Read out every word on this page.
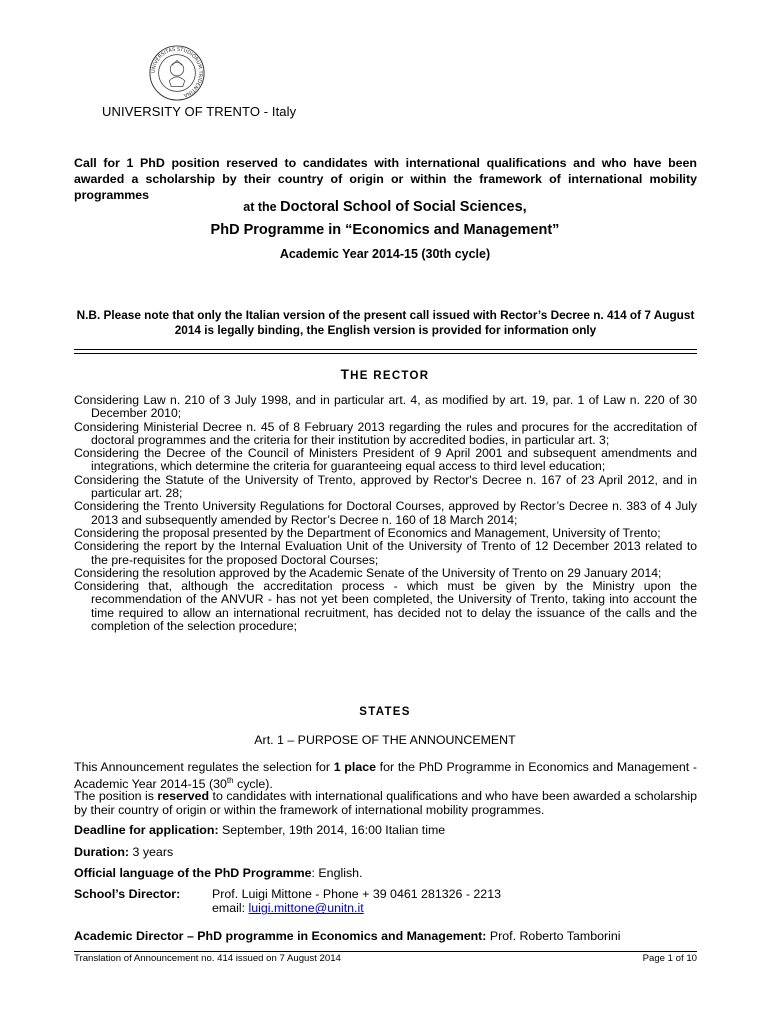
UNIVERSITAS STUDIORUM TRIDENTINA
UNIVERSITY OF TRENTO - Italy
Call for 1 PhD position reserved to candidates with international qualifications and who have been awarded a scholarship by their country of origin or within the framework of international mobility programmes
at the Doctoral School of Social Sciences,
PhD Programme in “Economics and Management”
Academic Year 2014-15 (30th cycle)
N.B. Please note that only the Italian version of the present call issued with Rector’s Decree n. 414 of 7 August 2014 is legally binding, the English version is provided for information only
THE RECTOR
Considering Law n. 210 of 3 July 1998, and in particular art. 4, as modified by art. 19, par. 1 of Law n. 220 of 30 December 2010;
Considering Ministerial Decree n. 45 of 8 February 2013 regarding the rules and procures for the accreditation of doctoral programmes and the criteria for their institution by accredited bodies, in particular art. 3;
Considering the Decree of the Council of Ministers President of 9 April 2001 and subsequent amendments and integrations, which determine the criteria for guaranteeing equal access to third level education;
Considering the Statute of the University of Trento, approved by Rector's Decree n. 167 of 23 April 2012, and in particular art. 28;
Considering the Trento University Regulations for Doctoral Courses, approved by Rector’s Decree n. 383 of 4 July 2013 and subsequently amended by Rector’s Decree n. 160 of 18 March 2014;
Considering the proposal presented by the Department of Economics and Management, University of Trento;
Considering the report by the Internal Evaluation Unit of the University of Trento of 12 December 2013 related to the pre-requisites for the proposed Doctoral Courses;
Considering the resolution approved by the Academic Senate of the University of Trento on 29 January 2014;
Considering that, although the accreditation process - which must be given by the Ministry upon the recommendation of the ANVUR - has not yet been completed, the University of Trento, taking into account the time required to allow an international recruitment, has decided not to delay the issuance of the calls and the completion of the selection procedure;
STATES
Art. 1 – PURPOSE OF THE ANNOUNCEMENT
This Announcement regulates the selection for 1 place for the PhD Programme in Economics and Management - Academic Year 2014-15 (30th cycle).
The position is reserved to candidates with international qualifications and who have been awarded a scholarship by their country of origin or within the framework of international mobility programmes.
Deadline for application: September, 19th 2014, 16:00 Italian time
Duration: 3 years
Official language of the PhD Programme: English.
School’s Director:	Prof. Luigi Mittone - Phone + 39 0461 281326 - 2213
email: luigi.mittone@unitn.it
Academic Director – PhD programme in Economics and Management: Prof. Roberto Tamborini
Translation of Announcement no. 414 issued on 7 August 2014	Page 1 of 10
